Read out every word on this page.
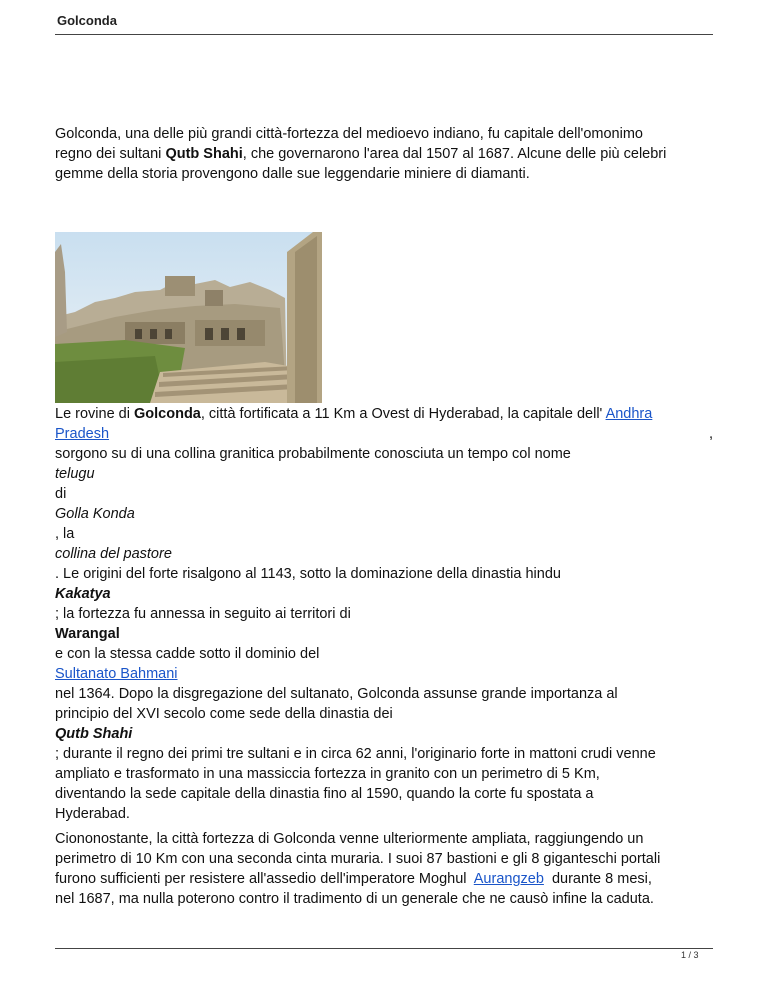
Golconda
Golconda, una delle più grandi città-fortezza del medioevo indiano, fu capitale dell'omonimo
regno dei sultani Qutb Shahi, che governarono l'area dal 1507 al 1687. Alcune delle più celebri
gemme della storia provengono dalle sue leggendarie miniere di diamanti.
Le rovine di Golconda, città fortificata a 11 Km a Ovest di Hyderabad, la capitale dell' Andhra
Pradesh	,
sorgono su di una collina granitica probabilmente conosciuta un tempo col nome
telugu
di
Golla Konda
, la
collina del pastore
. Le origini del forte risalgono al 1143, sotto la dominazione della dinastia hindu
Kakatya
; la fortezza fu annessa in seguito ai territori di
Warangal
e con la stessa cadde sotto il dominio del
Sultanato Bahmani
nel 1364. Dopo la disgregazione del sultanato, Golconda assunse grande importanza al
principio del XVI secolo come sede della dinastia dei
Qutb Shahi
; durante il regno dei primi tre sultani e in circa 62 anni, l'originario forte in mattoni crudi venne
ampliato e trasformato in una massiccia fortezza in granito con un perimetro di 5 Km,
diventando la sede capitale della dinastia fino al 1590, quando la corte fu spostata a
Hyderabad.
Ciononostante, la città fortezza di Golconda venne ulteriormente ampliata, raggiungendo un
perimetro di 10 Km con una seconda cinta muraria. I suoi 87 bastioni e gli 8 giganteschi portali
furono sufficienti per resistere all'assedio dell'imperatore Moghul  Aurangzeb  durante 8 mesi,
nel 1687, ma nulla poterono contro il tradimento di un generale che ne causò infine la caduta.
1 / 3
